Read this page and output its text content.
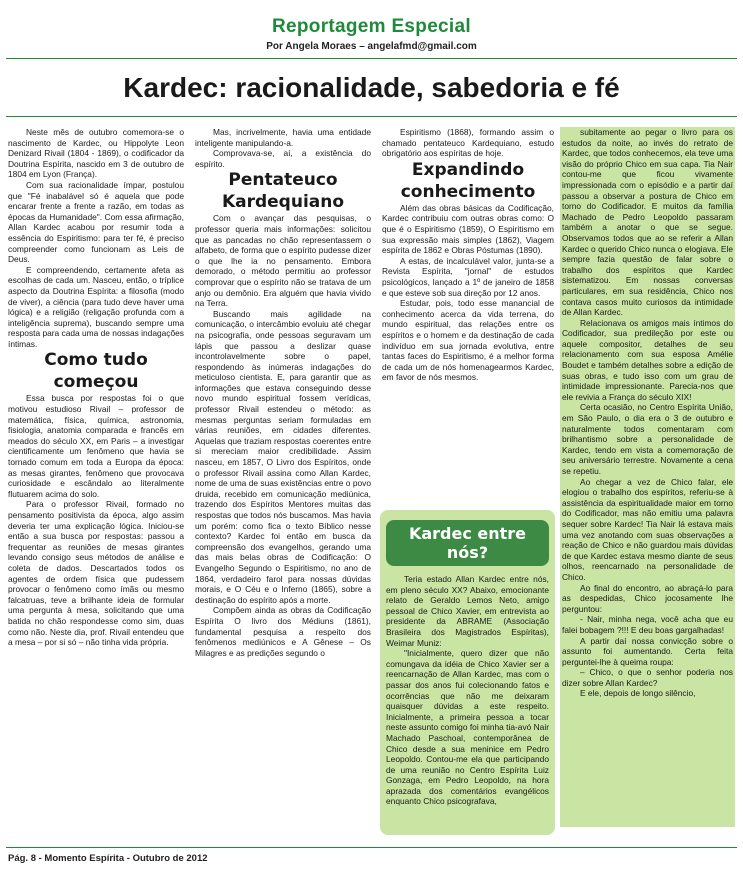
Reportagem Especial
Por Angela Moraes – angelafmd@gmail.com
Kardec: racionalidade, sabedoria e fé

Neste mês de outubro comemora-se o nascimento de Kardec, ou Hippolyte Leon Denizard Rivail (1804 - 1869), o codificador da Doutrina Espírita, nascido em 3 de outubro de 1804 em Lyon (França).

Com sua racionalidade ímpar, postulou que "Fé inabalável só é aquela que pode encarar frente a frente a razão, em todas as épocas da Humanidade". Com essa afirmação, Allan Kardec acabou por resumir toda a essência do Espiritismo: para ter fé, é preciso compreender como funcionam as Leis de Deus.

E compreendendo, certamente afeta as escolhas de cada um. Nasceu, então, o tríplice aspecto da Doutrina Espírita: a filosofia (modo de viver), a ciência (para tudo deve haver uma lógica) e a religião (religação profunda com a inteligência suprema), buscando sempre uma resposta para cada uma de nossas indagações íntimas.

Como tudo começou

Essa busca por respostas foi o que motivou estudioso Rivail – professor de matemática, física, química, astronomia, fisiologia, anatomia comparada e francês em meados do século XX, em Paris – a investigar cientificamente um fenômeno que havia se tornado comum em toda a Europa da época: as mesas girantes, fenômeno que provocava curiosidade e escândalo ao literalmente flutuarem acima do solo.

Para o professor Rivail, formado no pensamento positivista da época, algo assim deveria ter uma explicação lógica. Iniciou-se então a sua busca por respostas: passou a frequentar as reuniões de mesas girantes levando consigo seus métodos de análise e coleta de dados. Descartados todos os agentes de ordem física que pudessem provocar o fenômeno como ímãs ou mesmo falcatruas, teve a brilhante ideia de formular uma pergunta à mesa, solicitando que uma batida no chão respondesse como sim, duas como não. Neste dia, prof. Rivail entendeu que a mesa – por si só – não tinha vida própria.

Mas, incrivelmente, havia uma entidade inteligente manipulando-a.

Comprovava-se, aí, a existência do espírito.

Pentateuco Kardequiano

Com o avançar das pesquisas, o professor queria mais informações: solicitou que as pancadas no chão representassem o alfabeto, de forma que o espírito pudesse dizer o que lhe ia no pensamento. Embora demorado, o método permitiu ao professor comprovar que o espírito não se tratava de um anjo ou demônio. Era alguém que havia vivido na Terra.

Buscando mais agilidade na comunicação, o intercâmbio evoluiu até chegar na psicografia, onde pessoas seguravam um lápis que passou a deslizar quase incontrolavelmente sobre o papel, respondendo às inúmeras indagações do meticuloso cientista. E, para garantir que as informações que estava conseguindo desse novo mundo espiritual fossem verídicas, professor Rivail estendeu o método: as mesmas perguntas seriam formuladas em várias reuniões, em cidades diferentes. Aquelas que traziam respostas coerentes entre si mereciam maior credibilidade. Assim nasceu, em 1857, O Livro dos Espíritos, onde o professor Rivail assina como Allan Kardec, nome de uma de suas existências entre o povo druida, recebido em comunicação mediúnica, trazendo dos Espíritos Mentores muitas das respostas que todos nós buscamos. Mas havia um porém: como fica o texto Bíblico nesse contexto? Kardec foi então em busca da compreensão dos evangelhos, gerando uma das mais belas obras de Codificação: O Evangelho Segundo o Espiritismo, no ano de 1864, verdadeiro farol para nossas dúvidas morais, e O Céu e o Inferno (1865), sobre a destinação do espírito após a morte.

Compõem ainda as obras da Codificação Espírita O livro dos Médiuns (1861), fundamental pesquisa a respeito dos fenômenos mediúnicos e A Gênese – Os Milagres e as predições segundo o

Espiritismo (1868), formando assim o chamado pentateuco Kardequiano, estudo obrigatório aos espíritas de hoje.

Expandindo conhecimento

Além das obras básicas da Codificação, Kardec contribuiu com outras obras como: O que é o Espiritismo (1859), O Espiritismo em sua expressão mais simples (1862), Viagem espírita de 1862 e Obras Póstumas (1890).

A estas, de incalculável valor, junta-se a Revista Espírita, "jornal" de estudos psicológicos, lançado a 1º de janeiro de 1858 e que esteve sob sua direção por 12 anos.

Estudar, pois, todo esse manancial de conhecimento acerca da vida terrena, do mundo espiritual, das relações entre os espíritos e o homem e da destinação de cada indivíduo em sua jornada evolutiva, entre tantas faces do Espiritismo, é a melhor forma de cada um de nós homenagearmos Kardec, em favor de nós mesmos.

Kardec entre nós?

Teria estado Allan Kardec entre nós, em pleno século XX? Abaixo, emocionante relato de Geraldo Lemos Neto, amigo pessoal de Chico Xavier, em entrevista ao presidente da ABRAME (Associação Brasileira dos Magistrados Espíritas), Weimar Muniz:

"Inicialmente, quero dizer que não comungava da idéia de Chico Xavier ser a reencarnação de Allan Kardec, mas com o passar dos anos fui colecionando fatos e ocorrências que não me deixaram quaisquer dúvidas a este respeito. Inicialmente, a primeira pessoa a tocar neste assunto comigo foi minha tia-avó Nair Machado Paschoal, contemporânea de Chico desde a sua meninice em Pedro Leopoldo. Contou-me ela que participando de uma reunião no Centro Espírita Luiz Gonzaga, em Pedro Leopoldo, na hora aprazada dos comentários evangélicos enquanto Chico psicografava,

subitamente ao pegar o livro para os estudos da noite, ao invés do retrato de Kardec, que todos conhecemos, ela teve uma visão do próprio Chico em sua capa. Tia Nair contou-me que ficou vivamente impressionada com o episódio e a partir daí passou a observar a postura de Chico em torno do Codificador. E muitos da família Machado de Pedro Leopoldo passaram também a anotar o que se segue. Observamos todos que ao se referir a Allan Kardec o querido Chico nunca o elogiava. Ele sempre fazia questão de falar sobre o trabalho dos espíritos que Kardec sistematizou. Em nossas conversas particulares, em sua residência, Chico nos contava casos muito curiosos da intimidade de Allan Kardec.

Relacionava os amigos mais íntimos do Codificador, sua predileção por este ou aquele compositor, detalhes de seu relacionamento com sua esposa Amélie Boudet e também detalhes sobre a edição de suas obras, e tudo isso com um grau de intimidade impressionante. Parecia-nos que ele revivia a França do século XIX!

Certa ocasião, no Centro Espírita União, em São Paulo, o dia era o 3 de outubro e naturalmente todos comentaram com brilhantismo sobre a personalidade de Kardec, tendo em vista a comemoração de seu aniversário terrestre. Novamente a cena se repetiu.

Ao chegar a vez de Chico falar, ele elogiou o trabalho dos espíritos, referiu-se à assistência da espiritualidade maior em torno do Codificador, mas não emitiu uma palavra sequer sobre Kardec! Tia Nair lá estava mais uma vez anotando com suas observações a reação de Chico e não guardou mais dúvidas de que Kardec estava mesmo diante de seus olhos, reencarnado na personalidade de Chico.

Ao final do encontro, ao abraçá-lo para as despedidas, Chico jocosamente lhe perguntou:

- Nair, minha nega, você acha que eu falei bobagem ?!!! E deu boas gargalhadas!

A partir daí nossa convicção sobre o assunto foi aumentando. Certa feita perguntei-lhe à queima roupa:

– Chico, o que o senhor poderia nos dizer sobre Allan Kardec?

E ele, depois de longo silêncio,

Pág. 8 - Momento Espírita - Outubro de 2012
